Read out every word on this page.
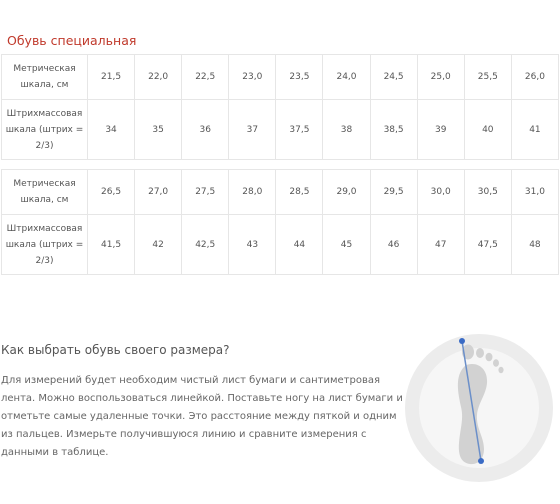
Обувь специальная
Метрическая шкала, см	21,5	22,0	22,5	23,0	23,5	24,0	24,5	25,0	25,5	26,0
Штрихмассовая шкала (штрих = 2/3)	34	35	36	37	37,5	38	38,5	39	40	41
Метрическая шкала, см	26,5	27,0	27,5	28,0	28,5	29,0	29,5	30,0	30,5	31,0
Штрихмассовая шкала (штрих = 2/3)	41,5	42	42,5	43	44	45	46	47	47,5	48
Как выбрать обувь своего размера?

Для измерений будет необходим чистый лист бумаги и сантиметровая лента. Можно воспользоваться линейкой. Поставьте ногу на лист бумаги и отметьте самые удаленные точки. Это расстояние между пяткой и одним из пальцев. Измерьте получившуюся линию и сравните измерения с данными в таблице.
